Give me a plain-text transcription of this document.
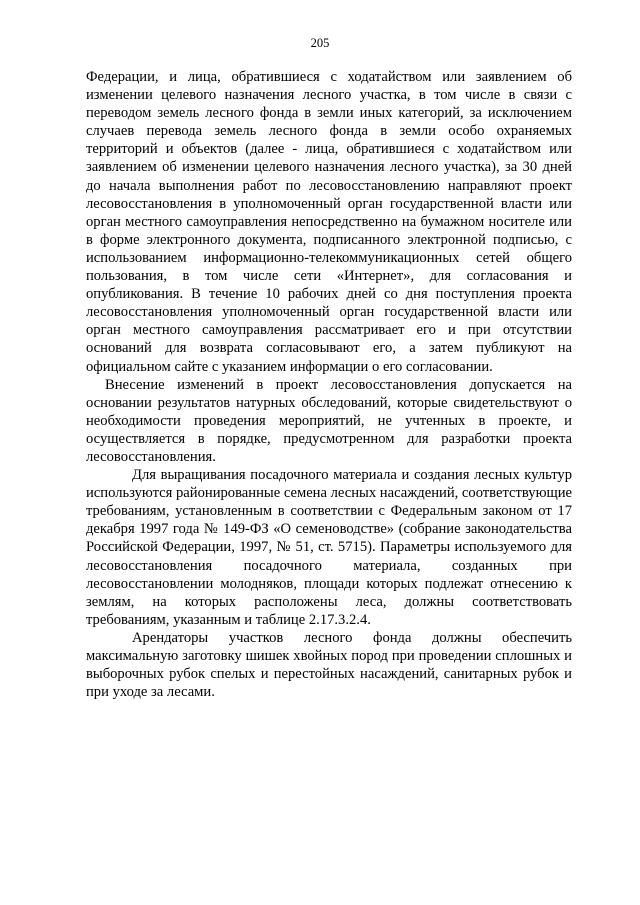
205

Федерации, и лица, обратившиеся с ходатайством или заявлением об изменении целевого назначения лесного участка, в том числе в связи с переводом земель лесного фонда в земли иных категорий, за исключением случаев перевода земель лесного фонда в земли особо охраняемых территорий и объектов (далее - лица, обратившиеся с ходатайством или заявлением об изменении целевого назначения лесного участка), за 30 дней до начала выполнения работ по лесовосстановлению направляют проект лесовосстановления в уполномоченный орган государственной власти или орган местного самоуправления непосредственно на бумажном носителе или в форме электронного документа, подписанного электронной подписью, с использованием информационно-телекоммуникационных сетей общего пользования, в том числе сети «Интернет», для согласования и опубликования. В течение 10 рабочих дней со дня поступления проекта лесовосстановления уполномоченный орган государственной власти или орган местного самоуправления рассматривает его и при отсутствии оснований для возврата согласовывают его, а затем публикуют на официальном сайте с указанием информации о его согласовании.

Внесение изменений в проект лесовосстановления допускается на основании результатов натурных обследований, которые свидетельствуют о необходимости проведения мероприятий, не учтенных в проекте, и осуществляется в порядке, предусмотренном для разработки проекта лесовосстановления.

Для выращивания посадочного материала и создания лесных культур используются районированные семена лесных насаждений, соответствующие требованиям, установленным в соответствии с Федеральным законом от 17 декабря 1997 года № 149-ФЗ «О семеноводстве» (собрание законодательства Российской Федерации, 1997, № 51, ст. 5715). Параметры используемого для лесовосстановления посадочного материала, созданных при лесовосстановлении молодняков, площади которых подлежат отнесению к землям, на которых расположены леса, должны соответствовать требованиям, указанным и таблице 2.17.3.2.4.

Арендаторы участков лесного фонда должны обеспечить максимальную заготовку шишек хвойных пород при проведении сплошных и выборочных рубок спелых и перестойных насаждений, санитарных рубок и при уходе за лесами.
